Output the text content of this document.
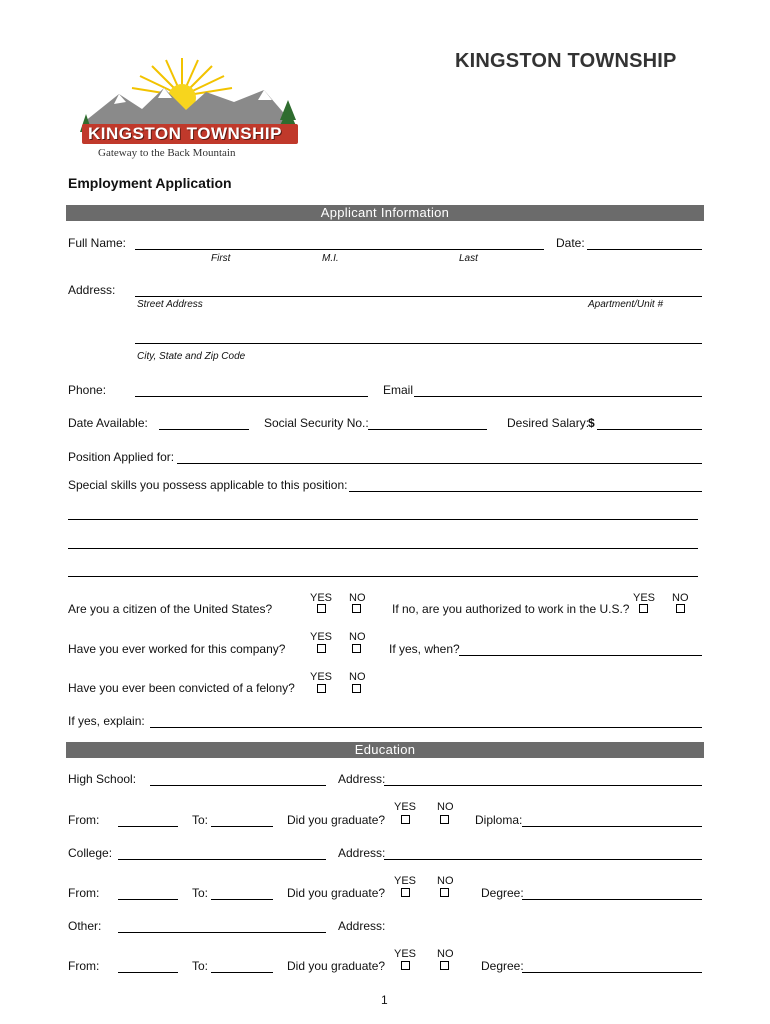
KINGSTON TOWNSHIP
KINGSTON TOWNSHIP
Gateway to the Back Mountain
Employment Application
Applicant Information
Full Name:	Date:
First	M.I.	Last
Address:
Street Address	Apartment/Unit #
City, State and Zip Code
Phone:	Email
Date Available:	Social Security No.:	Desired Salary:
$
Position Applied for:
Special skills you possess applicable to this position:
YES NO
Are you a citizen of the United States?
YES NO
If no, are you authorized to work in the U.S.?
YES NO
Have you ever worked for this company?	If yes, when?
YES NO
Have you ever been convicted of a felony?
If yes, explain:
Education
High School:	Address:
YES NO
From:	To:	Did you graduate?	Diploma:
College:	Address:
YES NO
From:	To:	Did you graduate?	Degree:
Other:	Address:
YES NO
From:	To:	Did you graduate?	Degree:
1
